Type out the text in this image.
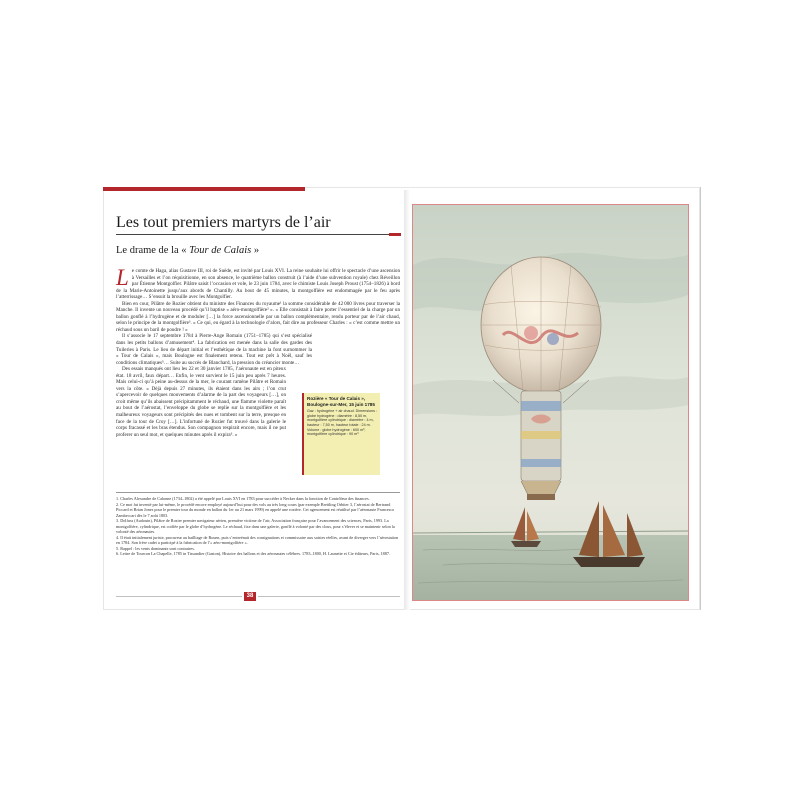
Les tout premiers martyrs de l’air
Le drame de la « Tour de Calais »

Le comte de Haga, alias Gustave III, roi de Suède, est invité par Louis XVI. La reine souhaite lui offrir le spectacle d’une ascension à Versailles et l’on réquisitionne, en son absence, le quatrième ballon construit (à l’aide d’une subvention royale) chez Réveillon par Étienne Montgolfier. Pilâtre saisit l’occasion et vole, le 23 juin 1784, avec le chimiste Louis Joseph Proust (1754–1826) à bord de la Marie-Antoinette jusqu’aux abords de Chantilly. Au bout de 45 minutes, la montgolfière est endommagée par le feu après l’atterrissage… S’ensuit la brouille avec les Montgolfier.

Bien en cour, Pilâtre de Rozier obtient du ministre des Finances du royaume¹ la somme considérable de 42 000 livres pour traverser la Manche. Il invente un nouveau procédé qu’il baptise « aéro-montgolfière² ». « Elle consistait à faire porter l’essentiel de la charge par un ballon gonflé à l’hydrogène et de moduler […] la force ascensionnelle par un ballon complémentaire, rendu porteur par de l’air chaud, selon le principe de la montgolfière³. » Ce qui, eu égard à la technologie d’alors, fait dire au professeur Charles : « c’est comme mettre un réchaud sous un baril de poudre ! »

Il s’associe le 17 septembre 1784 à Pierre-Ange Romain (1751–1785) qui s’est spécialisé dans les petits ballons d’amusement⁴. La fabrication est menée dans la salle des gardes des Tuileries à Paris. Le lieu de départ initial et l’esthétique de la machine la font surnommer la « Tour de Calais », mais Boulogne est finalement retenu. Tout est prêt à Noël, sauf les conditions climatiques⁵… Suite au succès de Blanchard, la pression du créancier monte…

Des essais manqués ont lieu les 22 et 30 janvier 1785, l’aéronaute est en piteux état. 18 avril, faux départ… Enfin, le vent survient le 15 juin peu après 7 heures. Mais celui-ci qu’à peine au-dessus de la mer, le courant ramène Pilâtre et Romain vers la côte. « Déjà depuis 27 minutes, ils étaient dans les airs ; l’on crut s’apercevoir de quelques mouvements d’alarme de la part des voyageurs […], on croit même qu’ils abaissent précipitamment le réchaud, une flamme violette paraît au bout de l’aérostat, l’enveloppe du globe se replie sur la montgolfière et les malheureux voyageurs sont précipités des nues et tombent sur la terre, presque en face de la tour de Croy […]. L’infortuné de Rozier fut trouvé dans la galerie le corps fracassé et les bras étendus. Son compagnon respirait encore, mais il ne put proferer un seul mot, et quelques minutes après il expira⁶. »

Rozière « Tour de Calais », Boulogne-sur-Mer, 15 juin 1785
Gaz : hydrogène + air chaud. Dimensions : globe hydrogène : diamètre : 8,50 m, montgolfière cylindrique : diamètre : 4 m, hauteur : 7,50 m, hauteur totale : 24 m. Volume : globe hydrogène : 600 m³, montgolfière cylindrique : 90 m³
1. Charles Alexandre de Calonne (1734–1802) a été appelé par Louis XVI en 1783 pour succéder à Necker dans la fonction de Contrôleur des finances.
2. Ce mot fut inventé par lui-même, le procédé encore employé aujourd’hui pour des vols au très long cours (par exemple Breitling Orbiter 3, l’aérostat de Bertrand Piccard et Brian Jones pour le premier tour du monde en ballon du 1er au 21 mars 1999) en appelé une rozière. Cet agencement est réutilisé par l’aéronaute Francesco Zambeccari dès le 7 août 1803.
3. Dolfuss (Audouin), Pilâtre de Rozier premier navigateur aérien, première victime de l’air, Association française pour l’avancement des sciences, Paris, 1993. La montgolfière, cylindrique, est coiffée par le globe d’hydrogène. Le réchaud, fixe dans une galerie, gonflé à volonté par des clous, pour s’élever et se maintenir selon la volonté des aéronautes.
4. Il était initialement juriste, procureur au bailliage de Rouen, puis s’entreénait des consignations et commissaire aux saisies réelles, avant de diverger vers l’aérostation en 1784. Son frère cadet a participé à la fabrication de l’« aéro-montgolfière ».
5. Rappel : les vents dominants sont contraires.
6. Lettre de Tourcon La Chapelle, 1785 in Tissandier (Gaston), Histoire des ballons et des aéronautes célèbres. 1783–1800, H. Launette et Cie éditeurs, Paris, 1887.
38
